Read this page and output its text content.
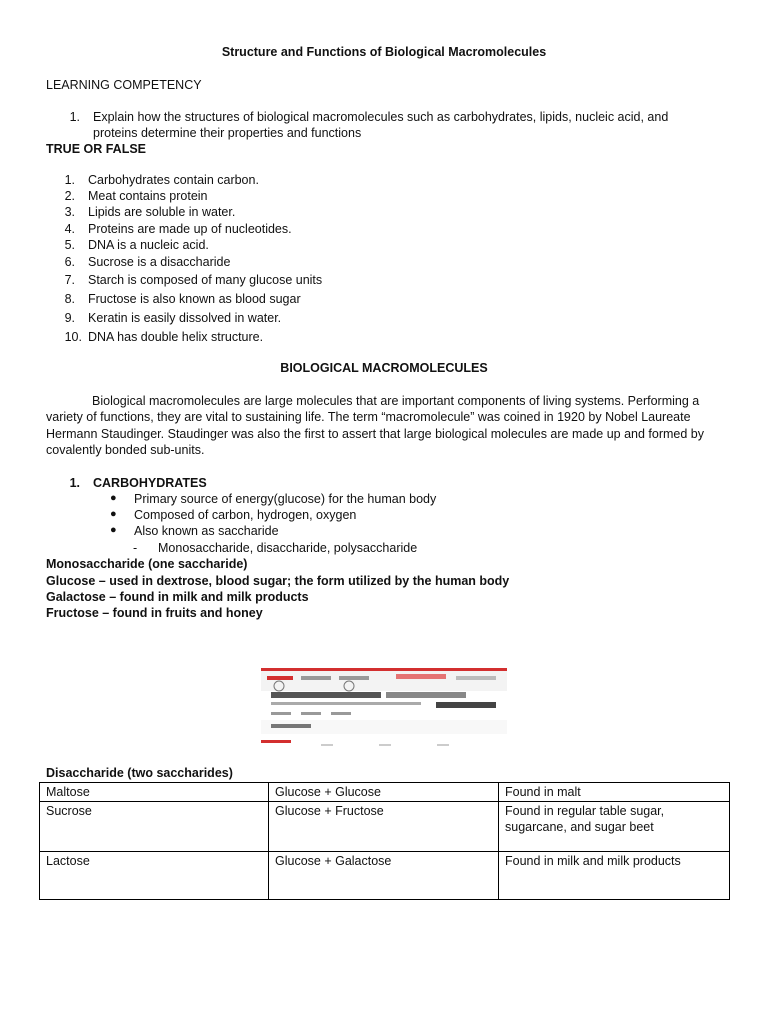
Structure and Functions of Biological Macromolecules
LEARNING COMPETENCY
1. Explain how the structures of biological macromolecules such as carbohydrates, lipids, nucleic acid, and
proteins determine their properties and functions
TRUE OR FALSE
1. Carbohydrates contain carbon.
2. Meat contains protein
3. Lipids are soluble in water.
4. Proteins are made up of nucleotides.
5. DNA is a nucleic acid.
6. Sucrose is a disaccharide
7. Starch is composed of many glucose units
8. Fructose is also known as blood sugar
9. Keratin is easily dissolved in water.
10. DNA has double helix structure.
BIOLOGICAL MACROMOLECULES
Biological macromolecules are large molecules that are important components of living systems. Performing a variety of functions, they are vital to sustaining life. The term “macromolecule” was coined in 1920 by Nobel Laureate Hermann Staudinger. Staudinger was also the first to assert that large biological molecules are made up and formed by covalently bonded sub-units.
1. CARBOHYDRATES
● Primary source of energy(glucose) for the human body
● Composed of carbon, hydrogen, oxygen
● Also known as saccharide
- Monosaccharide, disaccharide, polysaccharide
Monosaccharide (one saccharide)
Glucose – used in dextrose, blood sugar; the form utilized by the human body
Galactose – found in milk and milk products
Fructose – found in fruits and honey
Disaccharide (two saccharides)
Maltose	Glucose + Glucose	Found in malt
Sucrose	Glucose + Fructose	Found in regular table sugar, sugarcane, and sugar beet
Lactose	Glucose + Galactose	Found in milk and milk products
